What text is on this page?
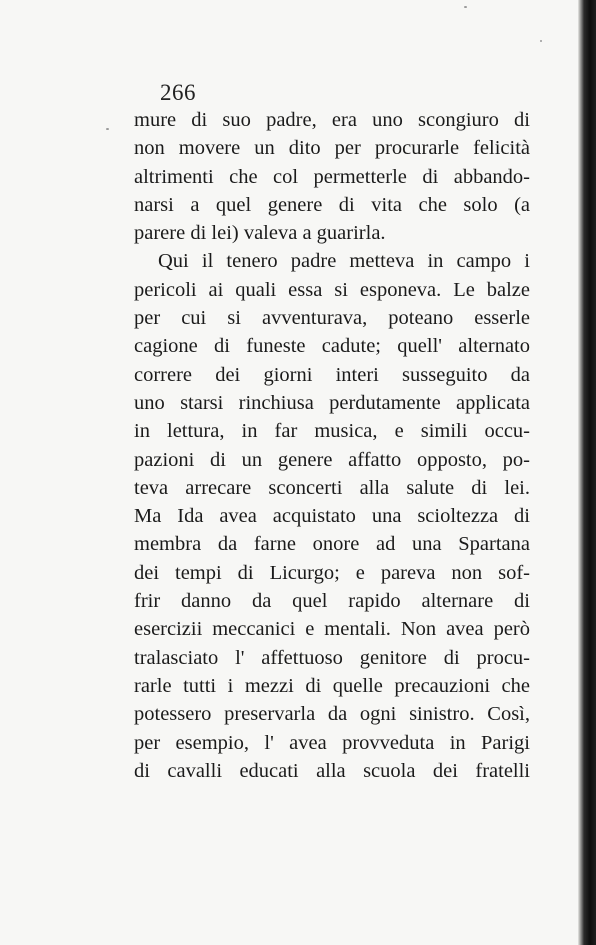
266
mure di suo padre, era uno scongiuro di
non movere un dito per procurarle felicità
altrimenti che col permetterle di abbando-
narsi a quel genere di vita che solo (a
parere di lei) valeva a guarirla.
Qui il tenero padre metteva in campo i
pericoli ai quali essa si esponeva. Le balze
per cui si avventurava, poteano esserle
cagione di funeste cadute; quell' alternato
correre dei giorni interi susseguito da
uno starsi rinchiusa perdutamente applicata
in lettura, in far musica, e simili occu-
pazioni di un genere affatto opposto, po-
teva arrecare sconcerti alla salute di lei.
Ma Ida avea acquistato una scioltezza di
membra da farne onore ad una Spartana
dei tempi di Licurgo; e pareva non sof-
frir danno da quel rapido alternare di
esercizii meccanici e mentali. Non avea però
tralasciato l' affettuoso genitore di procu-
rarle tutti i mezzi di quelle precauzioni che
potessero preservarla da ogni sinistro. Così,
per esempio, l' avea provveduta in Parigi
di cavalli educati alla scuola dei fratelli
